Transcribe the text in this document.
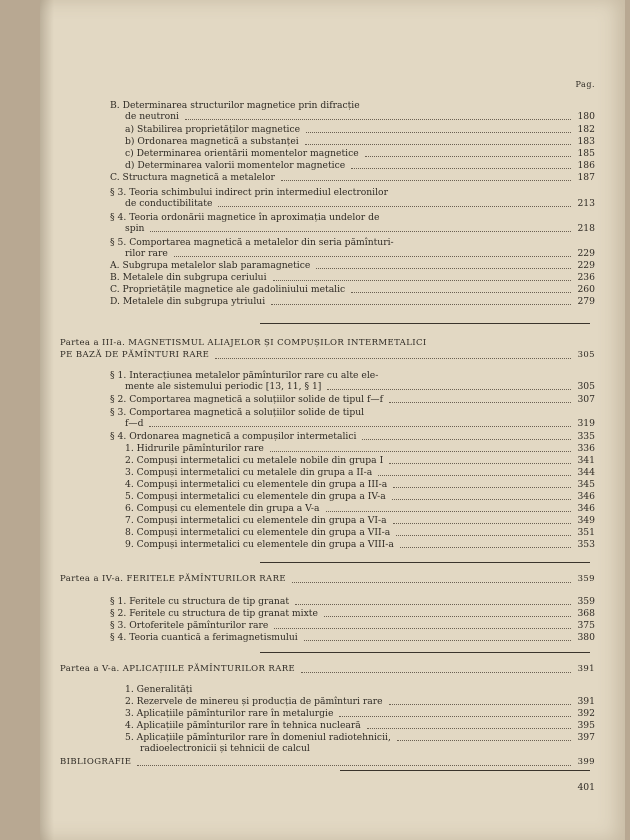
Pag.
B. Determinarea structurilor magnetice prin difracție
de neutroni	180
a) Stabilirea proprietăților magnetice	182
b) Ordonarea magnetică a substanței	183
c) Determinarea orientării momentelor magnetice	185
d) Determinarea valorii momentelor magnetice	186
C. Structura magnetică a metalelor	187
§ 3. Teoria schimbului indirect prin intermediul electronilor
de conductibilitate	213
§ 4. Teoria ordonării magnetice în aproximația undelor de
spin	218
§ 5. Comportarea magnetică a metalelor din seria pămînturi-
rilor rare	229
A. Subgrupa metalelor slab paramagnetice	229
B. Metalele din subgrupa ceriului	236
C. Proprietățile magnetice ale gadoliniului metalic	260
D. Metalele din subgrupa ytriului	279
Partea a III-a. MAGNETISMUL ALIAJELOR ȘI COMPUȘILOR INTERMETALICI
PE BAZĂ DE PĂMÎNTURI RARE	305
§ 1. Interacțiunea metalelor pămînturilor rare cu alte ele-
mente ale sistemului periodic [13, 11, § 1]	305
§ 2. Comportarea magnetică a soluțiilor solide de tipul f—f	307
§ 3. Comportarea magnetică a soluțiilor solide de tipul
f—d	319
§ 4. Ordonarea magnetică a compușilor intermetalici	335
1. Hidrurile pămînturilor rare	336
2. Compuși intermetalici cu metalele nobile din grupa I	341
3. Compuși intermetalici cu metalele din grupa a II-a	344
4. Compuși intermetalici cu elementele din grupa a III-a	345
5. Compuși intermetalici cu elementele din grupa a IV-a	346
6. Compuși cu elementele din grupa a V-a	346
7. Compuși intermetalici cu elementele din grupa a VI-a	349
8. Compuși intermetalici cu elementele din grupa a VII-a	351
9. Compuși intermetalici cu elementele din grupa a VIII-a	353
Partea a IV-a. FERITELE PĂMÎNTURILOR RARE	359
§ 1. Feritele cu structura de tip granat	359
§ 2. Feritele cu structura de tip granat mixte	368
§ 3. Ortoferitele pămînturilor rare	375
§ 4. Teoria cuantică a ferimagnetismului	380
Partea a V-a. APLICAȚIILE PĂMÎNTURILOR RARE	391
1. Generalități
2. Rezervele de minereu și producția de pămînturi rare	391
3. Aplicațiile pămînturilor rare în metalurgie	392
4. Aplicațiile pămînturilor rare în tehnica nucleară	395
5. Aplicațiile pămînturilor rare în domeniul radiotehnicii,	397
radioelectronicii și tehnicii de calcul
BIBLIOGRAFIE	399
401
